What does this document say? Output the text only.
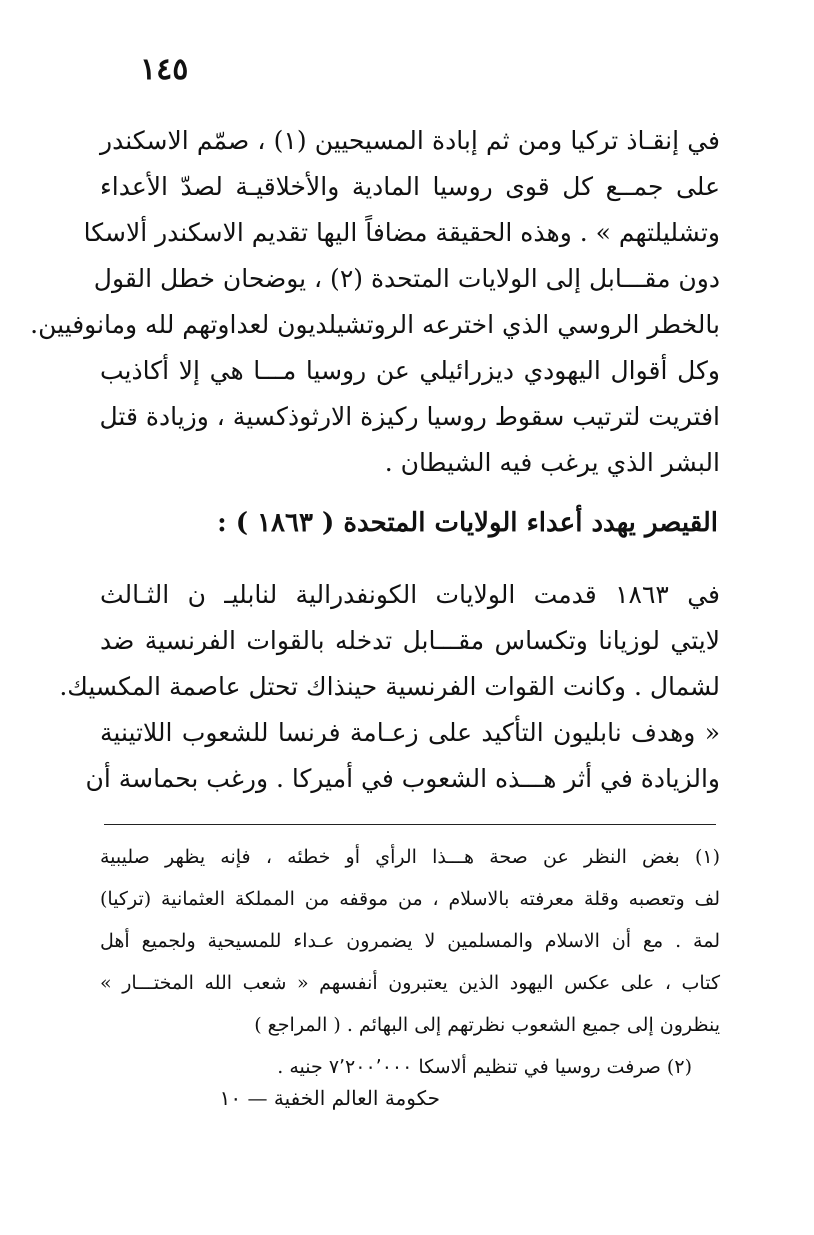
١٤٥
في إنقـاذ تركيا ومن ثم إبادة المسيحيين (١) ، صمّم الاسكندر
على جمــع كل قوى روسيا المادية والأخلاقيـة لصدّ الأعداء
وتشليلتهم » . وهذه الحقيقة مضافاً اليها تقديم الاسكندر ألاسكا
دون مقـــابل إلى الولايات المتحدة (٢) ، يوضحان خطل القول
بالخطر الروسي الذي اخترعه الروتشيلديون لعداوتهم لله ومانوفيين.
وكل أقوال اليهودي ديزرائيلي عن روسيا مـــا هي إلا أكاذيب
افتريت لترتيب سقوط روسيا ركيزة الارثوذكسية ، وزيادة قتل
البشر الذي يرغب فيه الشيطان .
القيصر يهدد أعداء الولايات المتحدة ( ١٨٦٣ ) :
في ١٨٦٣ قدمت الولايات الكونفدرالية لنابليـ ن الثـالث
لايتي لوزيانا وتكساس مقـــابل تدخله بالقوات الفرنسية ضد
لشمال . وكانت القوات الفرنسية حينذاك تحتل عاصمة المكسيك.
« وهدف نابليون التأكيد على زعـامة فرنسا للشعوب اللاتينية
والزيادة في أثر هـــذه الشعوب في أميركا . ورغب بحماسة أن
(١) بغض النظر عن صحة هـــذا الرأي أو خطئه ، فإنه يظهر صليبية
لف وتعصبه وقلة معرفته بالاسلام ، من موقفه من المملكة العثمانية (تركيا)
لمة . مع أن الاسلام والمسلمين لا يضمرون عـداء للمسيحية ولجميع أهل
كتاب ، على عكس اليهود الذين يعتبرون أنفسهم « شعب الله المختـــار »
ينظرون إلى جميع الشعوب نظرتهم إلى البهائم . ( المراجع )
(٢) صرفت روسيا في تنظيم ألاسكا ٧٬٢٠٠٬٠٠٠ جنيه .
حكومة العالم الخفية — ١٠
